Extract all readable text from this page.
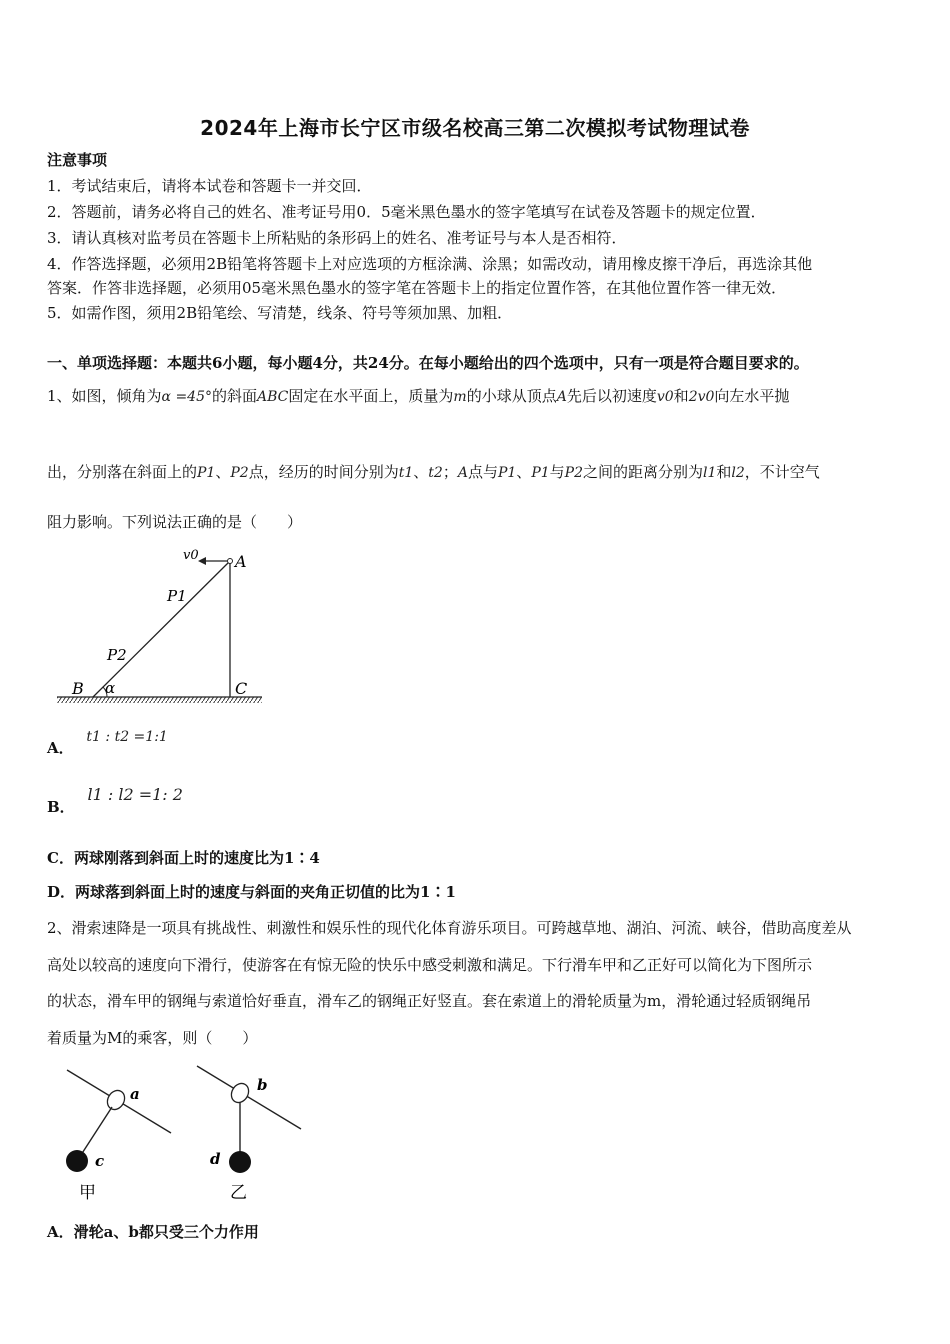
2024年上海市长宁区市级名校高三第二次模拟考试物理试卷
注意事项
1．考试结束后，请将本试卷和答题卡一并交回．
2．答题前，请务必将自己的姓名、准考证号用0．5毫米黑色墨水的签字笔填写在试卷及答题卡的规定位置．
3．请认真核对监考员在答题卡上所粘贴的条形码上的姓名、准考证号与本人是否相符．
4．作答选择题，必须用2B铅笔将答题卡上对应选项的方框涂满、涂黑；如需改动，请用橡皮擦干净后，再选涂其他
答案．作答非选择题，必须用05毫米黑色墨水的签字笔在答题卡上的指定位置作答，在其他位置作答一律无效．
5．如需作图，须用2B铅笔绘、写清楚，线条、符号等须加黑、加粗．
一、单项选择题：本题共6小题，每小题4分，共24分。在每小题给出的四个选项中，只有一项是符合题目要求的。
1、如图，倾角为α =45°的斜面ABC固定在水平面上，质量为m的小球从顶点A先后以初速度v0和2v0向左水平抛
出，分别落在斜面上的P1、P2点，经历的时间分别为t1、t2；A点与P1、P1与P2之间的距离分别为l1和l2，不计空气
阻力影响。下列说法正确的是（　　）
v0 A
P1
P2
B α	C
A． t1 : t2 =1:1
B． l1 : l2 =1: 2
C．两球刚落到斜面上时的速度比为1∶4
D．两球落到斜面上时的速度与斜面的夹角正切值的比为1∶1
2、滑索速降是一项具有挑战性、刺激性和娱乐性的现代化体育游乐项目。可跨越草地、湖泊、河流、峡谷，借助高度差从
高处以较高的速度向下滑行，使游客在有惊无险的快乐中感受刺激和满足。下行滑车甲和乙正好可以简化为下图所示
的状态，滑车甲的钢绳与索道恰好垂直，滑车乙的钢绳正好竖直。套在索道上的滑轮质量为m，滑轮通过轻质钢绳吊
着质量为M的乘客，则（　　）
a
c
甲
b
d
乙
A．滑轮a、b都只受三个力作用
